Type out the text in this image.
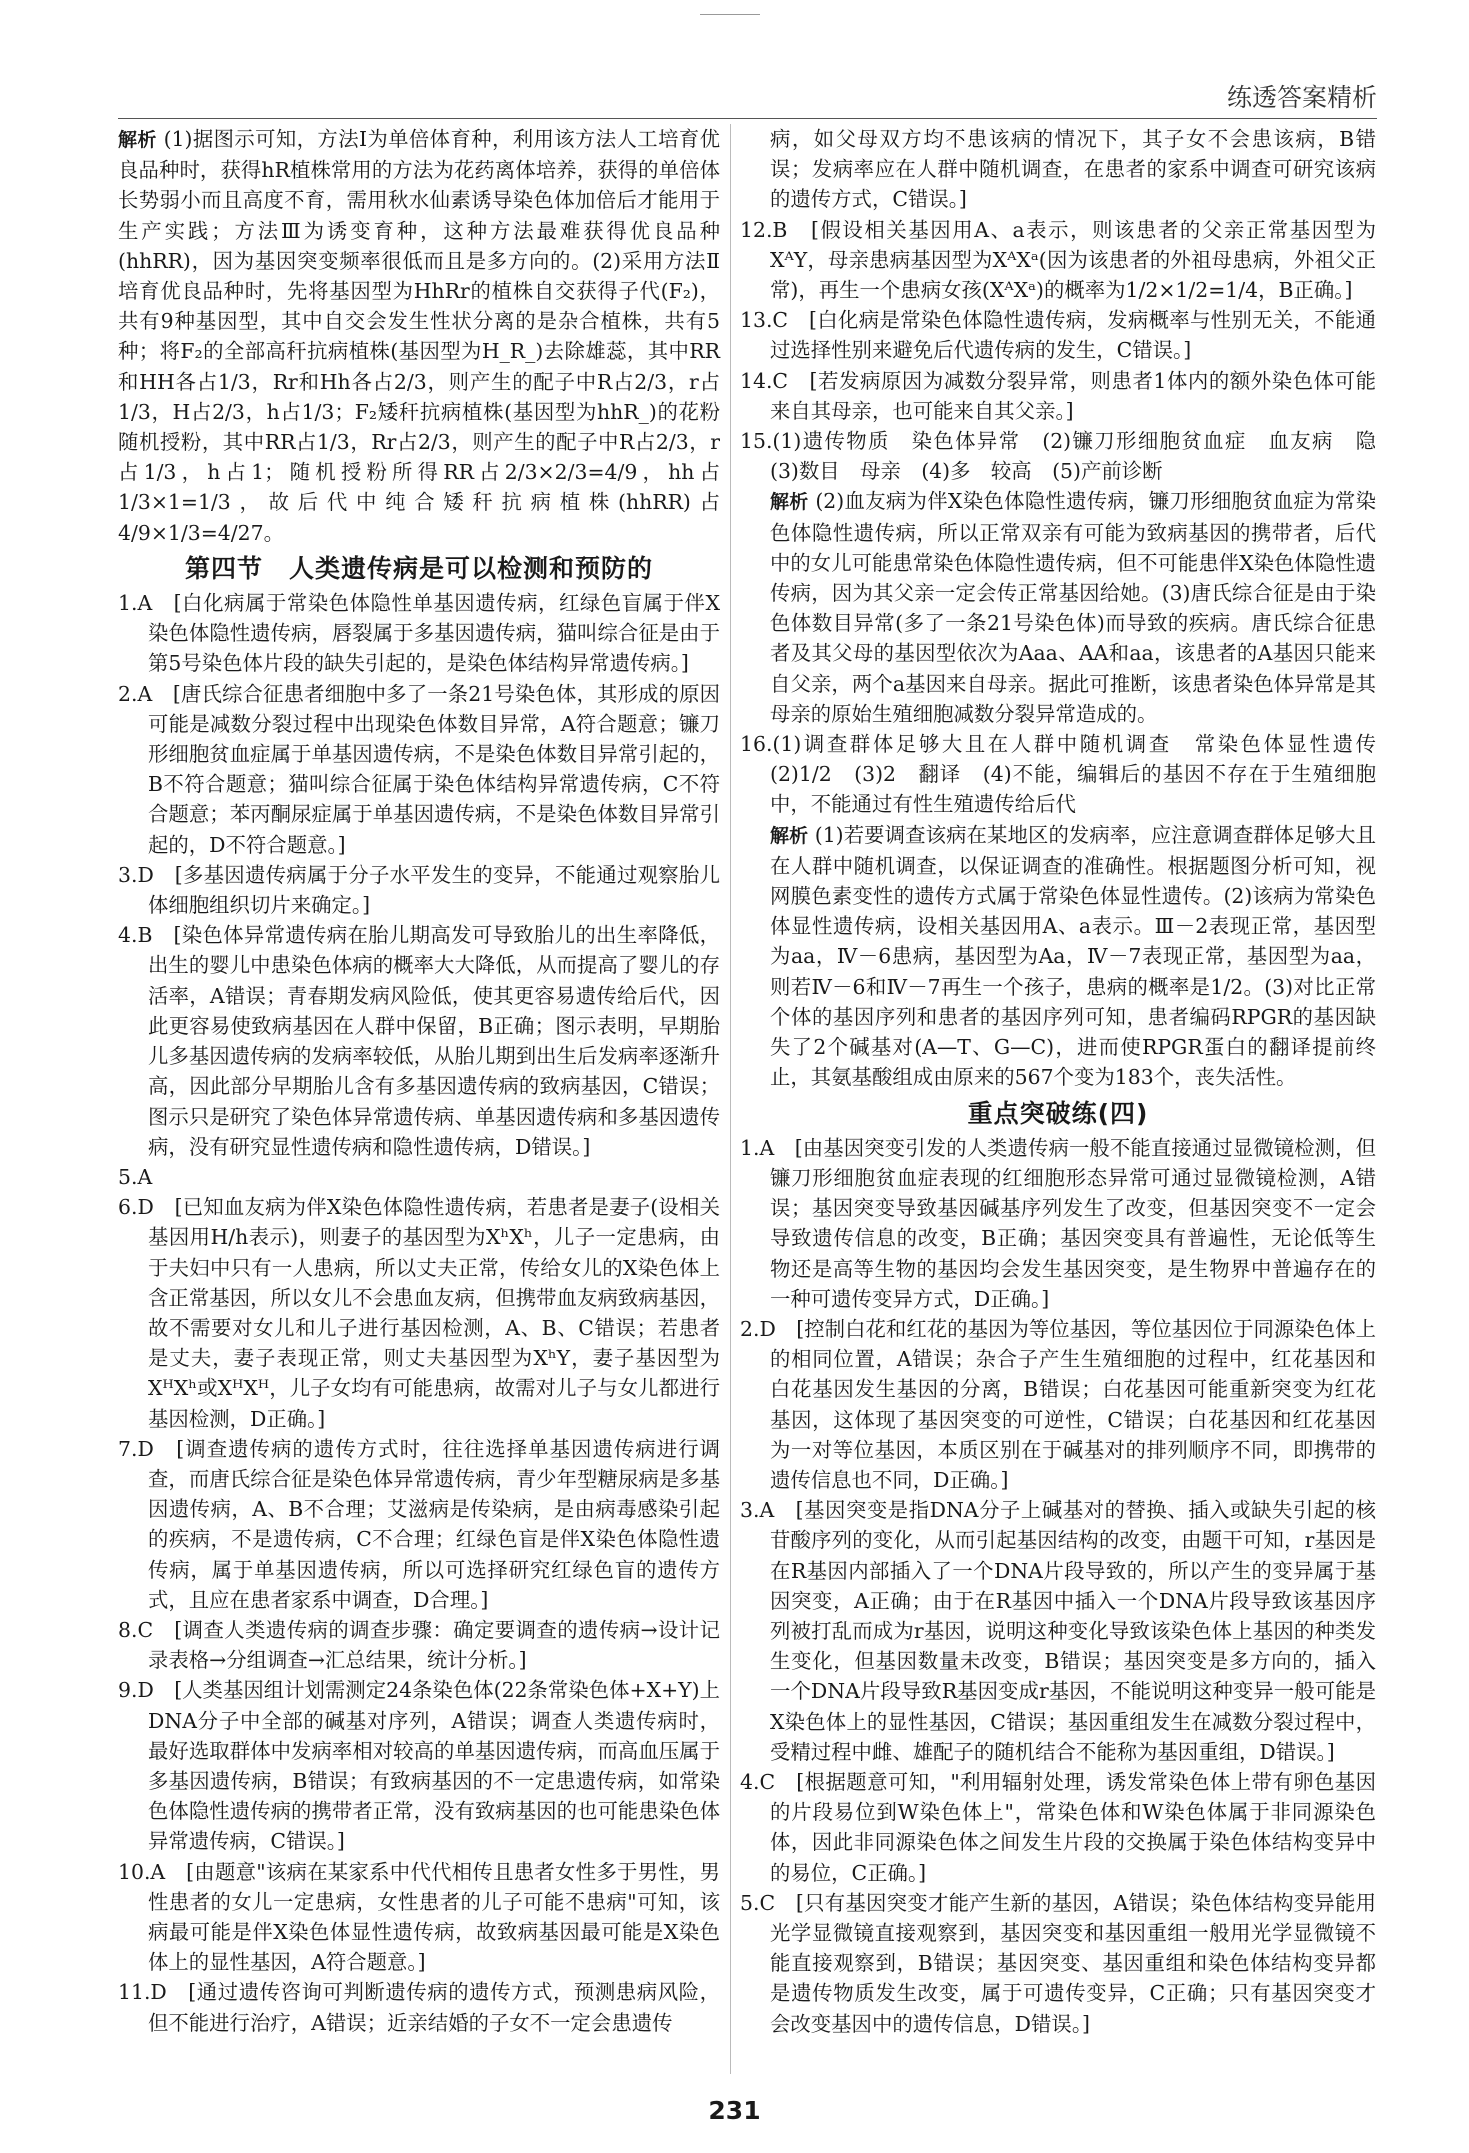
练透答案精析

解析 (1)据图示可知，方法Ⅰ为单倍体育种，利用该方法人工培育优良品种时，获得hR植株常用的方法为花药离体培养，获得的单倍体长势弱小而且高度不育，需用秋水仙素诱导染色体加倍后才能用于生产实践；方法Ⅲ为诱变育种，这种方法最难获得优良品种(hhRR)，因为基因突变频率很低而且是多方向的。(2)采用方法Ⅱ培育优良品种时，先将基因型为HhRr的植株自交获得子代(F₂)，共有9种基因型，其中自交会发生性状分离的是杂合植株，共有5种；将F₂的全部高秆抗病植株(基因型为H_R_)去除雄蕊，其中RR和HH各占1/3，Rr和Hh各占2/3，则产生的配子中R占2/3，r占1/3，H占2/3，h占1/3；F₂矮秆抗病植株(基因型为hhR_)的花粉随机授粉，其中RR占1/3，Rr占2/3，则产生的配子中R占2/3，r占1/3，h占1；随机授粉所得RR占2/3×2/3=4/9，hh占1/3×1=1/3，故后代中纯合矮秆抗病植株(hhRR)占4/9×1/3=4/27。

第四节　人类遗传病是可以检测和预防的

1.A　[白化病属于常染色体隐性单基因遗传病，红绿色盲属于伴X染色体隐性遗传病，唇裂属于多基因遗传病，猫叫综合征是由于第5号染色体片段的缺失引起的，是染色体结构异常遗传病。]

2.A　[唐氏综合征患者细胞中多了一条21号染色体，其形成的原因可能是减数分裂过程中出现染色体数目异常，A符合题意；镰刀形细胞贫血症属于单基因遗传病，不是染色体数目异常引起的，B不符合题意；猫叫综合征属于染色体结构异常遗传病，C不符合题意；苯丙酮尿症属于单基因遗传病，不是染色体数目异常引起的，D不符合题意。]

3.D　[多基因遗传病属于分子水平发生的变异，不能通过观察胎儿体细胞组织切片来确定。]

4.B　[染色体异常遗传病在胎儿期高发可导致胎儿的出生率降低，出生的婴儿中患染色体病的概率大大降低，从而提高了婴儿的存活率，A错误；青春期发病风险低，使其更容易遗传给后代，因此更容易使致病基因在人群中保留，B正确；图示表明，早期胎儿多基因遗传病的发病率较低，从胎儿期到出生后发病率逐渐升高，因此部分早期胎儿含有多基因遗传病的致病基因，C错误；图示只是研究了染色体异常遗传病、单基因遗传病和多基因遗传病，没有研究显性遗传病和隐性遗传病，D错误。]

5.A

6.D　[已知血友病为伴X染色体隐性遗传病，若患者是妻子(设相关基因用H/h表示)，则妻子的基因型为XʰXʰ，儿子一定患病，由于夫妇中只有一人患病，所以丈夫正常，传给女儿的X染色体上含正常基因，所以女儿不会患血友病，但携带血友病致病基因，故不需要对女儿和儿子进行基因检测，A、B、C错误；若患者是丈夫，妻子表现正常，则丈夫基因型为XʰY，妻子基因型为XᴴXʰ或XᴴXᴴ，儿子女均有可能患病，故需对儿子与女儿都进行基因检测，D正确。]

7.D　[调查遗传病的遗传方式时，往往选择单基因遗传病进行调查，而唐氏综合征是染色体异常遗传病，青少年型糖尿病是多基因遗传病，A、B不合理；艾滋病是传染病，是由病毒感染引起的疾病，不是遗传病，C不合理；红绿色盲是伴X染色体隐性遗传病，属于单基因遗传病，所以可选择研究红绿色盲的遗传方式，且应在患者家系中调查，D合理。]

8.C　[调查人类遗传病的调查步骤：确定要调查的遗传病→设计记录表格→分组调查→汇总结果，统计分析。]

9.D　[人类基因组计划需测定24条染色体(22条常染色体+X+Y)上DNA分子中全部的碱基对序列，A错误；调查人类遗传病时，最好选取群体中发病率相对较高的单基因遗传病，而高血压属于多基因遗传病，B错误；有致病基因的不一定患遗传病，如常染色体隐性遗传病的携带者正常，没有致病基因的也可能患染色体异常遗传病，C错误。]

10.A　[由题意"该病在某家系中代代相传且患者女性多于男性，男性患者的女儿一定患病，女性患者的儿子可能不患病"可知，该病最可能是伴X染色体显性遗传病，故致病基因最可能是X染色体上的显性基因，A符合题意。]

11.D　[通过遗传咨询可判断遗传病的遗传方式，预测患病风险，但不能进行治疗，A错误；近亲结婚的子女不一定会患遗传

病，如父母双方均不患该病的情况下，其子女不会患该病，B错误；发病率应在人群中随机调查，在患者的家系中调查可研究该病的遗传方式，C错误。]

12.B　[假设相关基因用A、a表示，则该患者的父亲正常基因型为XᴬY，母亲患病基因型为XᴬXᵃ(因为该患者的外祖母患病，外祖父正常)，再生一个患病女孩(XᴬXᵃ)的概率为1/2×1/2=1/4，B正确。]

13.C　[白化病是常染色体隐性遗传病，发病概率与性别无关，不能通过选择性别来避免后代遗传病的发生，C错误。]

14.C　[若发病原因为减数分裂异常，则患者1体内的额外染色体可能来自其母亲，也可能来自其父亲。]

15.(1)遗传物质　染色体异常　(2)镰刀形细胞贫血症　血友病　隐　(3)数目　母亲　(4)多　较高　(5)产前诊断

解析 (2)血友病为伴X染色体隐性遗传病，镰刀形细胞贫血症为常染色体隐性遗传病，所以正常双亲有可能为致病基因的携带者，后代中的女儿可能患常染色体隐性遗传病，但不可能患伴X染色体隐性遗传病，因为其父亲一定会传正常基因给她。(3)唐氏综合征是由于染色体数目异常(多了一条21号染色体)而导致的疾病。唐氏综合征患者及其父母的基因型依次为Aaa、AA和aa，该患者的A基因只能来自父亲，两个a基因来自母亲。据此可推断，该患者染色体异常是其母亲的原始生殖细胞减数分裂异常造成的。

16.(1)调查群体足够大且在人群中随机调查　常染色体显性遗传　(2)1/2　(3)2　翻译　(4)不能，编辑后的基因不存在于生殖细胞中，不能通过有性生殖遗传给后代

解析 (1)若要调查该病在某地区的发病率，应注意调查群体足够大且在人群中随机调查，以保证调查的准确性。根据题图分析可知，视网膜色素变性的遗传方式属于常染色体显性遗传。(2)该病为常染色体显性遗传病，设相关基因用A、a表示。Ⅲ－2表现正常，基因型为aa，Ⅳ－6患病，基因型为Aa，Ⅳ－7表现正常，基因型为aa，则若Ⅳ－6和Ⅳ－7再生一个孩子，患病的概率是1/2。(3)对比正常个体的基因序列和患者的基因序列可知，患者编码RPGR的基因缺失了2个碱基对(A—T、G—C)，进而使RPGR蛋白的翻译提前终止，其氨基酸组成由原来的567个变为183个，丧失活性。

重点突破练(四)

1.A　[由基因突变引发的人类遗传病一般不能直接通过显微镜检测，但镰刀形细胞贫血症表现的红细胞形态异常可通过显微镜检测，A错误；基因突变导致基因碱基序列发生了改变，但基因突变不一定会导致遗传信息的改变，B正确；基因突变具有普遍性，无论低等生物还是高等生物的基因均会发生基因突变，是生物界中普遍存在的一种可遗传变异方式，D正确。]

2.D　[控制白花和红花的基因为等位基因，等位基因位于同源染色体上的相同位置，A错误；杂合子产生生殖细胞的过程中，红花基因和白花基因发生基因的分离，B错误；白花基因可能重新突变为红花基因，这体现了基因突变的可逆性，C错误；白花基因和红花基因为一对等位基因，本质区别在于碱基对的排列顺序不同，即携带的遗传信息也不同，D正确。]

3.A　[基因突变是指DNA分子上碱基对的替换、插入或缺失引起的核苷酸序列的变化，从而引起基因结构的改变，由题干可知，r基因是在R基因内部插入了一个DNA片段导致的，所以产生的变异属于基因突变，A正确；由于在R基因中插入一个DNA片段导致该基因序列被打乱而成为r基因，说明这种变化导致该染色体上基因的种类发生变化，但基因数量未改变，B错误；基因突变是多方向的，插入一个DNA片段导致R基因变成r基因，不能说明这种变异一般可能是X染色体上的显性基因，C错误；基因重组发生在减数分裂过程中，受精过程中雌、雄配子的随机结合不能称为基因重组，D错误。]

4.C　[根据题意可知，"利用辐射处理，诱发常染色体上带有卵色基因的片段易位到W染色体上"，常染色体和W染色体属于非同源染色体，因此非同源染色体之间发生片段的交换属于染色体结构变异中的易位，C正确。]

5.C　[只有基因突变才能产生新的基因，A错误；染色体结构变异能用光学显微镜直接观察到，基因突变和基因重组一般用光学显微镜不能直接观察到，B错误；基因突变、基因重组和染色体结构变异都是遗传物质发生改变，属于可遗传变异，C正确；只有基因突变才会改变基因中的遗传信息，D错误。]

231
